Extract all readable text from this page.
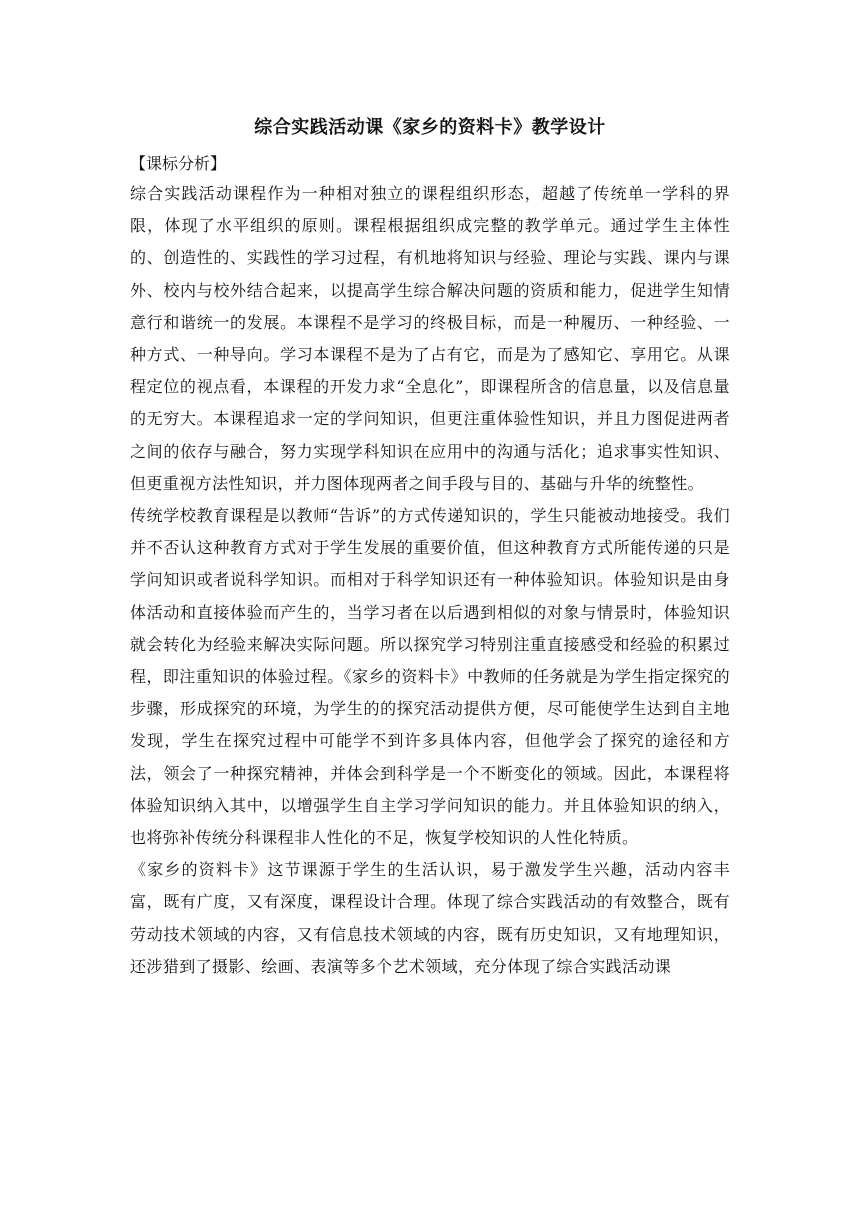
综合实践活动课《家乡的资料卡》教学设计

【课标分析】

综合实践活动课程作为一种相对独立的课程组织形态，超越了传统单一学科的界限，体现了水平组织的原则。课程根据组织成完整的教学单元。通过学生主体性的、创造性的、实践性的学习过程，有机地将知识与经验、理论与实践、课内与课外、校内与校外结合起来，以提高学生综合解决问题的资质和能力，促进学生知情意行和谐统一的发展。本课程不是学习的终极目标，而是一种履历、一种经验、一种方式、一种导向。学习本课程不是为了占有它，而是为了感知它、享用它。从课程定位的视点看，本课程的开发力求“全息化”，即课程所含的信息量，以及信息量的无穷大。本课程追求一定的学问知识，但更注重体验性知识，并且力图促进两者之间的依存与融合，努力实现学科知识在应用中的沟通与活化；追求事实性知识、但更重视方法性知识，并力图体现两者之间手段与目的、基础与升华的统整性。

传统学校教育课程是以教师“告诉”的方式传递知识的，学生只能被动地接受。我们并不否认这种教育方式对于学生发展的重要价值，但这种教育方式所能传递的只是学问知识或者说科学知识。而相对于科学知识还有一种体验知识。体验知识是由身体活动和直接体验而产生的，当学习者在以后遇到相似的对象与情景时，体验知识就会转化为经验来解决实际问题。所以探究学习特别注重直接感受和经验的积累过程，即注重知识的体验过程。《家乡的资料卡》中教师的任务就是为学生指定探究的步骤，形成探究的环境，为学生的的探究活动提供方便，尽可能使学生达到自主地发现，学生在探究过程中可能学不到许多具体内容，但他学会了探究的途径和方法，领会了一种探究精神，并体会到科学是一个不断变化的领域。因此，本课程将体验知识纳入其中，以增强学生自主学习学问知识的能力。并且体验知识的纳入，也将弥补传统分科课程非人性化的不足，恢复学校知识的人性化特质。

《家乡的资料卡》这节课源于学生的生活认识，易于激发学生兴趣，活动内容丰富，既有广度，又有深度，课程设计合理。体现了综合实践活动的有效整合，既有劳动技术领域的内容，又有信息技术领域的内容，既有历史知识，又有地理知识，还涉猎到了摄影、绘画、表演等多个艺术领域，充分体现了综合实践活动课
